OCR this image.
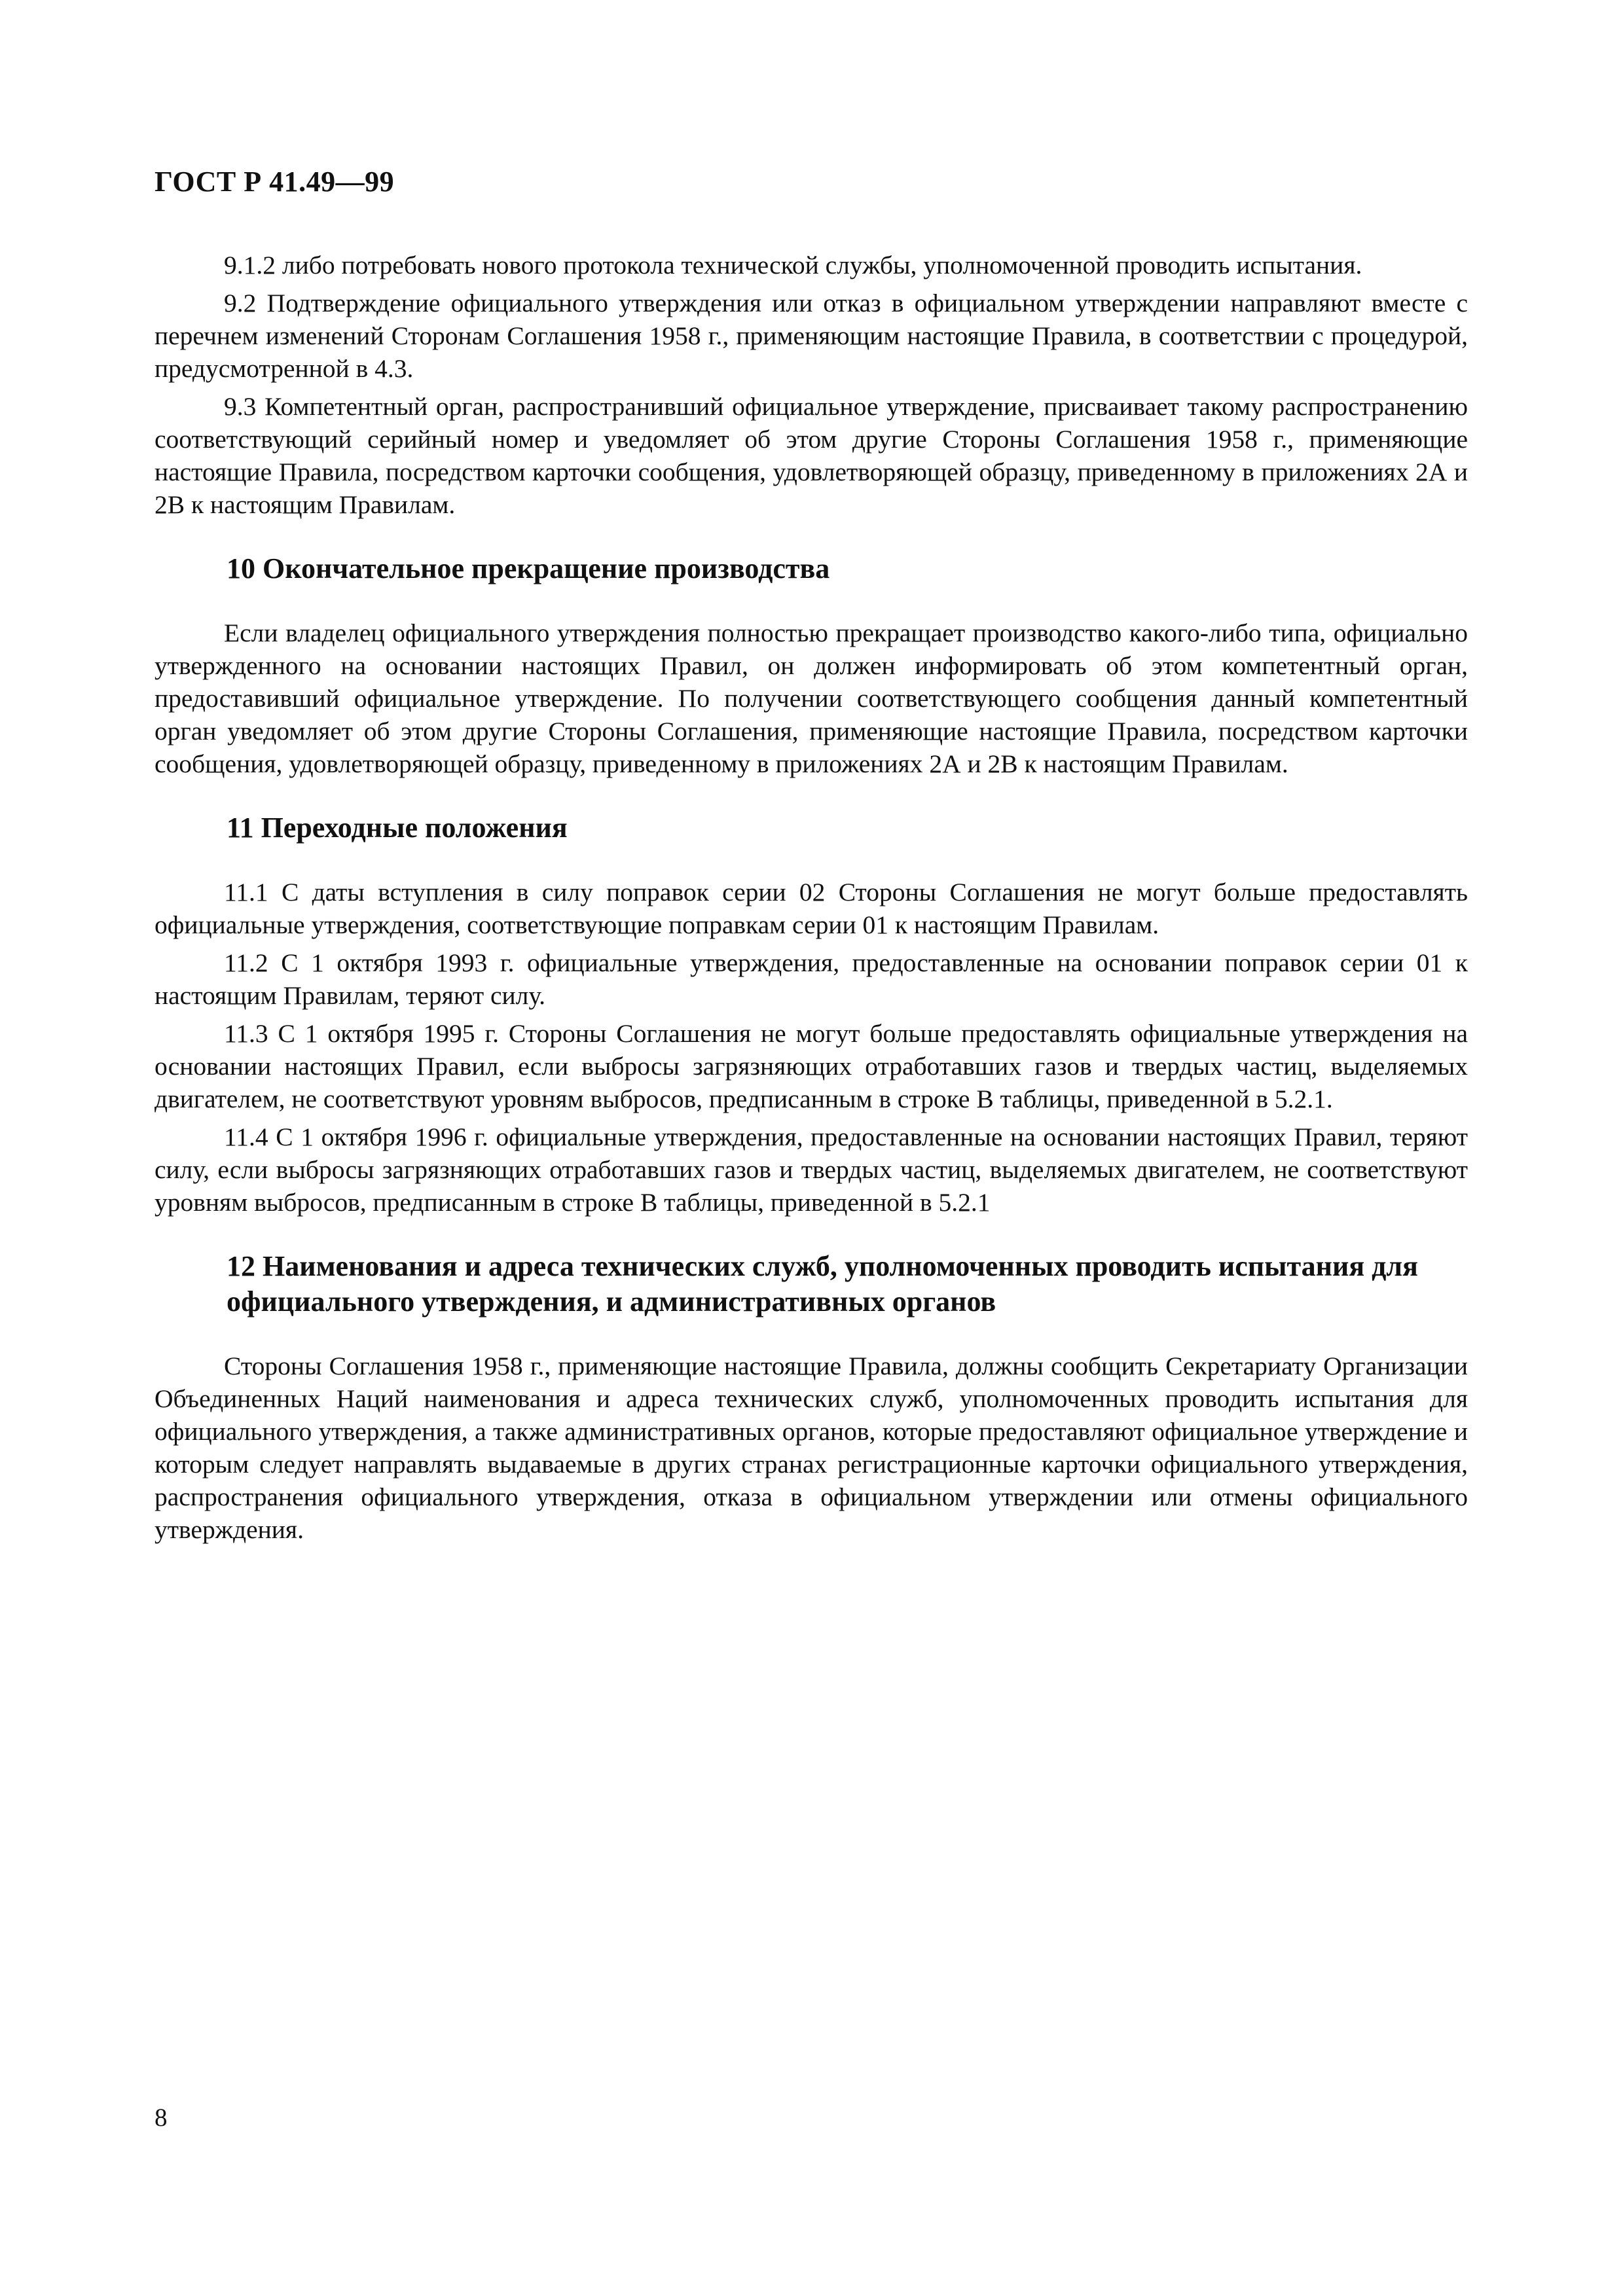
ГОСТ Р 41.49—99

9.1.2 либо потребовать нового протокола технической службы, уполномоченной проводить испытания.

9.2 Подтверждение официального утверждения или отказ в официальном утверждении направляют вместе с перечнем изменений Сторонам Соглашения 1958 г., применяющим настоящие Правила, в соответствии с процедурой, предусмотренной в 4.3.

9.3 Компетентный орган, распространивший официальное утверждение, присваивает такому распространению соответствующий серийный номер и уведомляет об этом другие Стороны Соглашения 1958 г., применяющие настоящие Правила, посредством карточки сообщения, удовлетворяющей образцу, приведенному в приложениях 2А и 2В к настоящим Правилам.

10 Окончательное прекращение производства

Если владелец официального утверждения полностью прекращает производство какого-либо типа, официально утвержденного на основании настоящих Правил, он должен информировать об этом компетентный орган, предоставивший официальное утверждение. По получении соответствующего сообщения данный компетентный орган уведомляет об этом другие Стороны Соглашения, применяющие настоящие Правила, посредством карточки сообщения, удовлетворяющей образцу, приведенному в приложениях 2А и 2В к настоящим Правилам.

11 Переходные положения

11.1 С даты вступления в силу поправок серии 02 Стороны Соглашения не могут больше предоставлять официальные утверждения, соответствующие поправкам серии 01 к настоящим Правилам.

11.2 С 1 октября 1993 г. официальные утверждения, предоставленные на основании поправок серии 01 к настоящим Правилам, теряют силу.

11.3 С 1 октября 1995 г. Стороны Соглашения не могут больше предоставлять официальные утверждения на основании настоящих Правил, если выбросы загрязняющих отработавших газов и твердых частиц, выделяемых двигателем, не соответствуют уровням выбросов, предписанным в строке В таблицы, приведенной в 5.2.1.

11.4 С 1 октября 1996 г. официальные утверждения, предоставленные на основании настоящих Правил, теряют силу, если выбросы загрязняющих отработавших газов и твердых частиц, выделяемых двигателем, не соответствуют уровням выбросов, предписанным в строке В таблицы, приведенной в 5.2.1

12 Наименования и адреса технических служб, уполномоченных проводить испытания для официального утверждения, и административных органов

Стороны Соглашения 1958 г., применяющие настоящие Правила, должны сообщить Секретариату Организации Объединенных Наций наименования и адреса технических служб, уполномоченных проводить испытания для официального утверждения, а также административных органов, которые предоставляют официальное утверждение и которым следует направлять выдаваемые в других странах регистрационные карточки официального утверждения, распространения официального утверждения, отказа в официальном утверждении или отмены официального утверждения.

8
